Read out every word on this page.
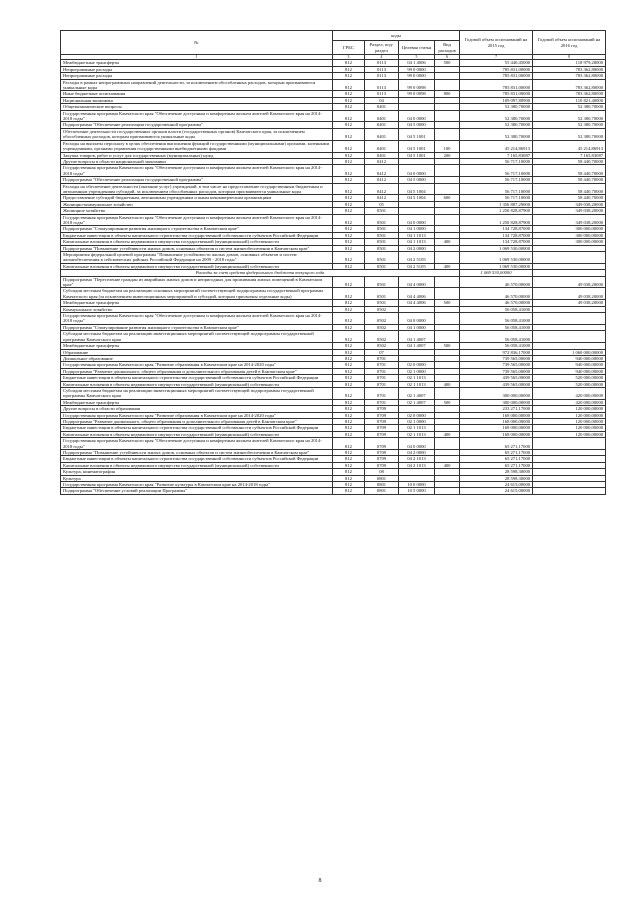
№	коды				Годовой объем ассигнований на 2015 год	Годовой объем ассигнований на 2016 год
	ГРБС	Раздел, под-раздел	Целевая статья	Вид расходов		
1	3	4	5	6	7	8
Межбюджетные трансферты	812	0113	04 1 4006	500	55 440,45000	118 979,28000
Непрограммные расходы	812	0113	99 0 0000		785 831,00000	783 362,80000
Непрограммные расходы	812	0113	99 0 0000		785 831,00000	783 362,80000
Расходы в рамках непрограммных направлений деятельности, за исключением обособленных расходов, которым присваиваются уникальные коды	812	0113	99 0 0098		785 831,00000	783 362,80000
Иные бюджетные ассигнования	812	0113	99 0 0098	800	785 831,00000	783 362,80000
Национальная экономика	812	04			109 097,80900	110 821,40000
Общеэкономические вопросы	812	0401			52 380,70000	52 380,70000
Государственная программа Камчатского края "Обеспечение доступным и комфортным жильем жителей Камчатского края на 2014-2018 годы"	812	0401	04 0 0000		52 380,70000	52 380,70000
Подпрограмма "Обеспечение реализации государственной программы"	812	0401	04 5 0000		52 380,70000	52 380,70000
Обеспечение деятельности государственных органов власти (государственных органов) Камчатского края, за исключением обособленных расходов, которым присваиваются уникальные коды	812	0401	04 5 1001		52 380,70000	52 380,70000
Расходы на выплаты персоналу в целях обеспечения выполнения функций государственными (муниципальными) органами, казенными учреждениями, органами управления государственными внебюджетными фондами	812	0401	04 5 1001	100	45 214,86913	45 214,86913
Закупка товаров, работ и услуг для государственных (муниципальных) нужд	812	0401	04 5 1001	200	7 165,83087	7 165,83087
Другие вопросы в области национальной экономики	812	0412			56 717,10000	58 440,70000
Государственная программа Камчатского края "Обеспечение доступным и комфортным жильем жителей Камчатского края на 2014-2018 годы"	812	0412	04 0 0000		56 717,10000	58 440,70000
Подпрограмма "Обеспечение реализации государственной программы"	812	0412	04 5 0000		56 717,10000	58 440,70000
Расходы на обеспечение деятельности (оказание услуг) учреждений, в том числе на предоставление государственным бюджетным и автономным учреждениям субсидий, за исключением обособленных расходов, которым присваиваются уникальные коды	812	0412	04 5 1004		56 717,10000	58 440,70000
Предоставление субсидий бюджетным, автономным учреждениям и иным некоммерческим организациям	812	0412	04 5 1004	600	56 717,10000	58 440,70000
Жилищно-коммунальное хозяйство	812	05			1 356 887,29000	349 038,20000
Жилищное хозяйство	812	0501			1 250 828,87900	349 038,20000
Государственная программа Камчатского края "Обеспечение доступным и комфортным жильем жителей Камчатского края на 2014-2018 годы"	812	0501	04 0 0000		1 250 828,87900	349 038,20000
Подпрограмма "Стимулирование развития жилищного строительства в Камчатском крае"	812	0501	04 1 0000		134 728,87000	300 000,00000
Бюджетные инвестиции в объекты капитального строительства государственной собственности субъектов Российской Федерации	812	0501	04 1 1013		134 728,87000	300 000,00000
Капитальные вложения в объекты недвижимого имущества государственной (муниципальной) собственности	812	0501	04 1 1013	400	134 728,87000	300 000,00000
Подпрограмма "Повышение устойчивости жилых домов, основных объектов и систем жизнеобеспечения в Камчатском крае"	812	0501	04 2 0000		1 069 530,00000	
Мероприятия федеральной целевой программы "Повышение устойчивости жилых домов, основных объектов и систем жизнеобеспечения в сейсмических районах Российской Федерации на 2009 - 2018 годы"	812	0501	04 2 5105		1 069 530,00000	
Капитальные вложения в объекты недвижимого имущества государственной (муниципальной) собственности	812	0501	04 2 5105	400	1 069 530,00000	
Расходы за счет средств федерального бюджета текущего года					1 069 530,00000	
Подпрограмма "Переселение граждан из аварийных жилых домов и непригодных для проживания жилых помещений в Камчатском крае"	812	0501	04 4 0000		46 570,00000	49 038,20000
Субсидии местным бюджетам на реализацию основных мероприятий соответствующей подпрограммы государственной программы Камчатского края (за исключением инвестиционных мероприятий и субсидий, которым присвоены отдельные коды)	812	0501	04 4 4006		46 570,00000	49 038,20000
Межбюджетные трансферты	812	0501	04 4 4006	500	46 570,00000	49 038,20000
Коммунальное хозяйство	812	0502			56 058,41000	
Государственная программа Камчатского края "Обеспечение доступным и комфортным жильем жителей Камчатского края на 2014-2018 годы"	812	0502	04 0 0000		56 058,41000	
Подпрограмма "Стимулирование развития жилищного строительства в Камчатском крае"	812	0502	04 1 0000		56 058,41000	
Субсидии местным бюджетам на реализацию инвестиционных мероприятий соответствующей подпрограммы государственной программы Камчатского края	812	0502	04 1 4007		56 058,41000	
Межбюджетные трансферты	812	0502	04 1 4007	500	56 058,41000	
Образование	812	07			972 836,17000	1 060 000,00000
Дошкольное образование	812	0701			739 565,00000	940 000,00000
Государственная программа Камчатского края "Развитие образования в Камчатском крае на 2014-2020 годы"	812	0701	02 0 0000		739 565,00000	940 000,00000
Подпрограмма "Развитие дошкольного, общего образования и дополнительного образования детей в Камчатском крае"	812	0701	02 1 0000		739 565,00000	940 000,00000
Бюджетные инвестиции в объекты капитального строительства государственной собственности субъектов Российской Федерации	812	0701	02 1 1013		439 565,00000	520 000,00000
Капитальные вложения в объекты недвижимого имущества государственной (муниципальной) собственности	812	0701	02 1 1013	400	439 565,00000	520 000,00000
Субсидии местным бюджетам на реализацию инвестиционных мероприятий соответствующей подпрограммы государственной программы Камчатского края	812	0701	02 1 4007		300 000,00000	420 000,00000
Межбюджетные трансферты	812	0701	02 1 4007	500	300 000,00000	420 000,00000
Другие вопросы в области образования	812	0709			233 271,17000	120 000,00000
Государственная программа Камчатского края "Развитие образования в Камчатском крае на 2014-2020 годы"	812	0709	02 0 0000		168 000,00000	120 000,00000
Подпрограмма "Развитие дошкольного, общего образования и дополнительного образования детей в Камчатском крае"	812	0709	02 1 0000		168 000,00000	120 000,00000
Бюджетные инвестиции в объекты капитального строительства государственной собственности субъектов Российской Федерации	812	0709	02 1 1013		168 000,00000	120 000,00000
Капитальные вложения в объекты недвижимого имущества государственной (муниципальной) собственности	812	0709	02 1 1013	400	168 000,00000	120 000,00000
Государственная программа Камчатского края "Обеспечение доступным и комфортным жильем жителей Камчатского края на 2014-2018 годы"	812	0709	04 0 0000		65 271,17000	
Подпрограмма "Повышение устойчивости жилых домов, основных объектов и систем жизнеобеспечения в Камчатском крае"	812	0709	04 2 0000		65 271,17000	
Бюджетные инвестиции в объекты капитального строительства государственной собственности субъектов Российской Федерации	812	0709	04 2 1013		65 271,17000	
Капитальные вложения в объекты недвижимого имущества государственной (муниципальной) собственности	812	0709	04 2 1013	400	65 271,17000	
Культура, кинематография	812	08			28 598,30000	
Культура	812	0801			28 598,30000	
Государственная программа Камчатского края "Развитие культуры в Камчатском крае на 2014-2018 годы"	812	0801	10 0 0000		24 615,00000	
Подпрограмма "Обеспечение условий реализации Программы"	812	0801	10 5 0000		24 615,00000	
8
